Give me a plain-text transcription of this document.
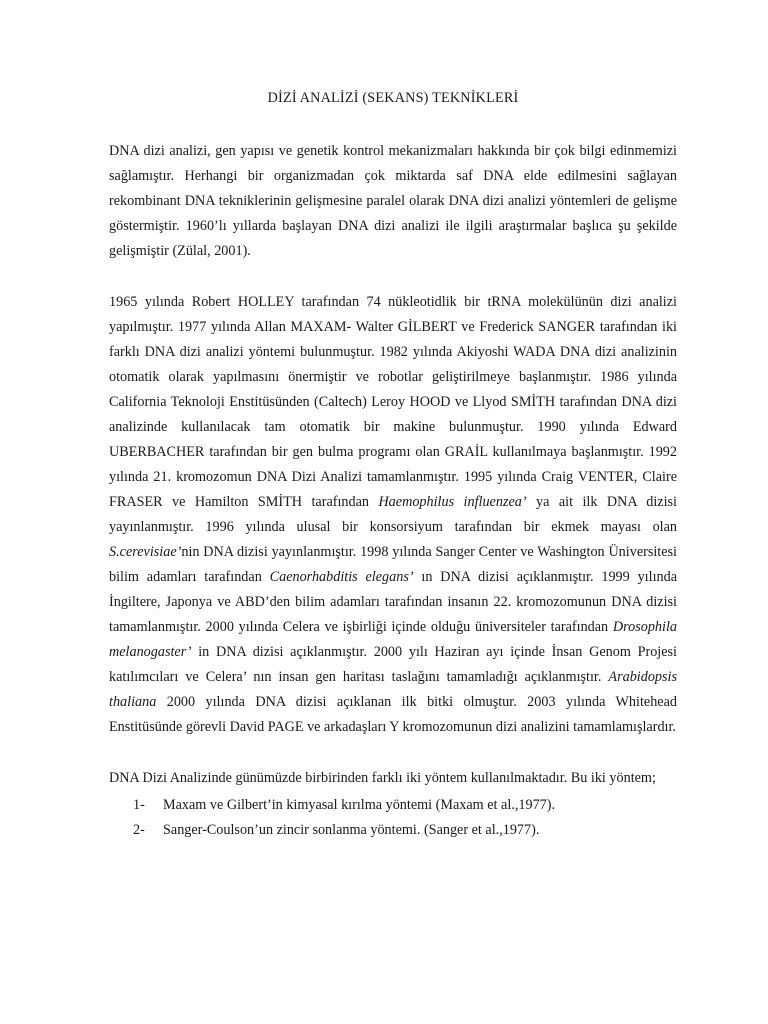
DİZİ ANALİZİ (SEKANS) TEKNİKLERİ

DNA dizi analizi, gen yapısı ve genetik kontrol mekanizmaları hakkında bir çok bilgi edinmemizi sağlamıştır. Herhangi bir organizmadan çok miktarda saf DNA elde edilmesini sağlayan rekombinant DNA tekniklerinin gelişmesine paralel olarak DNA dizi analizi yöntemleri de gelişme göstermiştir. 1960’lı yıllarda başlayan DNA dizi analizi ile ilgili araştırmalar başlıca şu şekilde gelişmiştir (Zülal, 2001).

1965 yılında Robert HOLLEY tarafından 74 nükleotidlik bir tRNA molekülünün dizi analizi yapılmıştır. 1977 yılında Allan MAXAM- Walter GİLBERT ve Frederick SANGER tarafından iki farklı DNA dizi analizi yöntemi bulunmuştur. 1982 yılında Akiyoshi WADA DNA dizi analizinin otomatik olarak yapılmasını önermiştir ve robotlar geliştirilmeye başlanmıştır. 1986 yılında California Teknoloji Enstitüsünden (Caltech) Leroy HOOD ve Llyod SMİTH tarafından DNA dizi analizinde kullanılacak tam otomatik bir makine bulunmuştur. 1990 yılında Edward UBERBACHER tarafından bir gen bulma programı olan GRAİL kullanılmaya başlanmıştır. 1992 yılında 21. kromozomun DNA Dizi Analizi tamamlanmıştır. 1995 yılında Craig VENTER, Claire FRASER ve Hamilton SMİTH tarafından Haemophilus influenzea’ ya ait ilk DNA dizisi yayınlanmıştır. 1996 yılında ulusal bir konsorsiyum tarafından bir ekmek mayası olan S.cerevisiae’nin DNA dizisi yayınlanmıştır. 1998 yılında Sanger Center ve Washington Üniversitesi bilim adamları tarafından Caenorhabditis elegans’ ın DNA dizisi açıklanmıştır. 1999 yılında İngiltere, Japonya ve ABD’den bilim adamları tarafından insanın 22. kromozomunun DNA dizisi tamamlanmıştır. 2000 yılında Celera ve işbirliği içinde olduğu üniversiteler tarafından Drosophila melanogaster’ in DNA dizisi açıklanmıştır. 2000 yılı Haziran ayı içinde İnsan Genom Projesi katılımcıları ve Celera’ nın insan gen haritası taslağını tamamladığı açıklanmıştır. Arabidopsis thaliana 2000 yılında DNA dizisi açıklanan ilk bitki olmuştur. 2003 yılında Whitehead Enstitüsünde görevli David PAGE ve arkadaşları Y kromozomunun dizi analizini tamamlamışlardır.

DNA Dizi Analizinde günümüzde birbirinden farklı iki yöntem kullanılmaktadır. Bu iki yöntem;

1-	Maxam ve Gilbert’in kimyasal kırılma yöntemi (Maxam et al.,1977).
2-	Sanger-Coulson’un zincir sonlanma yöntemi. (Sanger et al.,1977).
